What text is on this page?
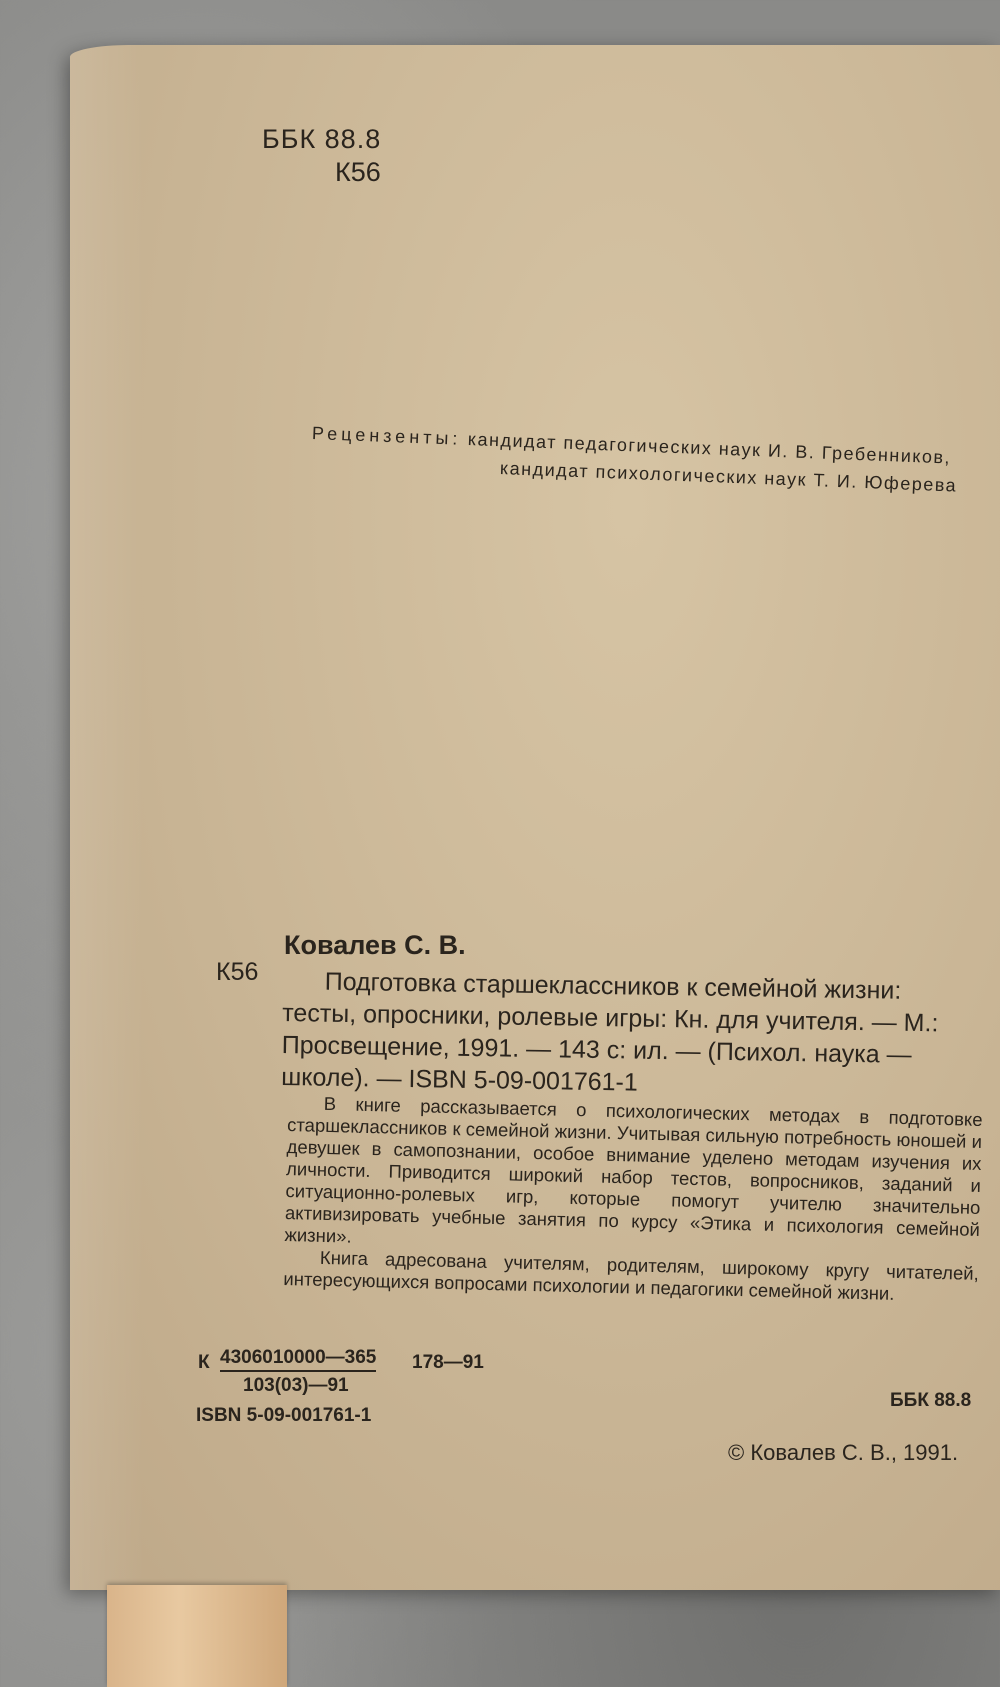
ББК 88.8
К56
Рецензенты: кандидат педагогических наук И. В. Гребенников,
кандидат психологических наук Т. И. Юферева
К56
Ковалев С. В.

Подготовка старшеклассников к семейной жизни:

тесты, опросники, ролевые игры: Кн. для учителя. — М.:

Просвещение, 1991. — 143 с: ил. — (Психол. наука —

школе). — ISBN 5-09-001761-1

В книге рассказывается о психологических методах в подготовке старшеклассников к семейной жизни. Учитывая сильную потребность юношей и девушек в самопознании, особое внимание уделено методам изучения их личности. Приводится широкий набор тестов, вопросников, заданий и ситуационно-ролевых игр, которые помогут учителю значительно активизировать учебные занятия по курсу «Этика и психология семейной жизни».

Книга адресована учителям, родителям, широкому кругу читателей, интересующихся вопросами психологии и педагогики семейной жизни.

К 4306010000—365 178—91
103(03)—91
ISBN 5-09-001761-1
ББК 88.8
© Ковалев С. В., 1991.
